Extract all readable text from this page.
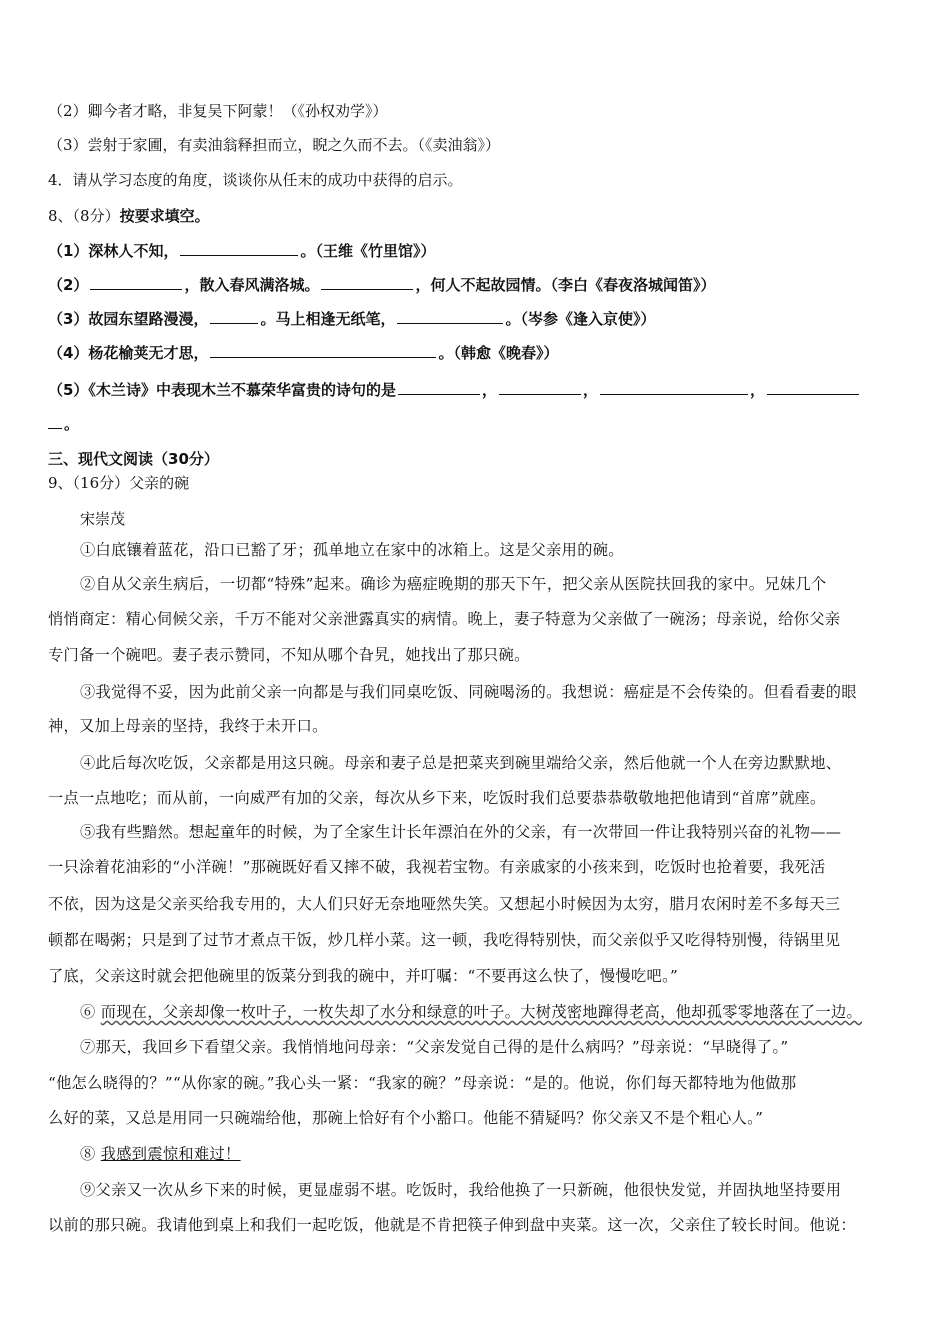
（2）卿今者才略，非复吴下阿蒙！（《孙权劝学》）
（3）尝射于家圃，有卖油翁释担而立，睨之久而不去。（《卖油翁》）
4．请从学习态度的角度，谈谈你从任末的成功中获得的启示。
8、（8分）按要求填空。
（1）深林人不知，	。（王维《竹里馆》）
（2）	，散入春风满洛城。	，何人不起故园情。（李白《春夜洛城闻笛》）
（3）故园东望路漫漫，	。马上相逢无纸笔，	。（岑参《逢入京使》）
（4）杨花榆荚无才思，	。（韩愈《晚春》）
（5）《木兰诗》中表现木兰不慕荣华富贵的诗句的是	，	，	，
。
三、现代文阅读（30分）
9、（16分）父亲的碗
宋崇茂
①白底镶着蓝花，沿口已豁了牙；孤单地立在家中的冰箱上。这是父亲用的碗。
②自从父亲生病后，一切都“特殊”起来。确诊为癌症晚期的那天下午，把父亲从医院扶回我的家中。兄妹几个
悄悄商定：精心伺候父亲，千万不能对父亲泄露真实的病情。晚上，妻子特意为父亲做了一碗汤；母亲说，给你父亲
专门备一个碗吧。妻子表示赞同，不知从哪个旮旯，她找出了那只碗。
③我觉得不妥，因为此前父亲一向都是与我们同桌吃饭、同碗喝汤的。我想说：癌症是不会传染的。但看看妻的眼
神，又加上母亲的坚持，我终于未开口。
④此后每次吃饭，父亲都是用这只碗。母亲和妻子总是把菜夹到碗里端给父亲，然后他就一个人在旁边默默地、
一点一点地吃；而从前，一向威严有加的父亲，每次从乡下来，吃饭时我们总要恭恭敬敬地把他请到“首席”就座。
⑤我有些黯然。想起童年的时候，为了全家生计长年漂泊在外的父亲，有一次带回一件让我特别兴奋的礼物——
一只涂着花油彩的“小洋碗！”那碗既好看又摔不破，我视若宝物。有亲戚家的小孩来到，吃饭时也抢着要，我死活
不依，因为这是父亲买给我专用的，大人们只好无奈地哑然失笑。又想起小时候因为太穷，腊月农闲时差不多每天三
顿都在喝粥；只是到了过节才煮点干饭，炒几样小菜。这一顿，我吃得特别快，而父亲似乎又吃得特别慢，待锅里见
了底，父亲这时就会把他碗里的饭菜分到我的碗中，并叮嘱：“不要再这么快了，慢慢吃吧。”
⑥ 而现在，父亲却像一枚叶子，一枚失却了水分和绿意的叶子。大树茂密地蹿得老高，他却孤零零地落在了一边。
⑦那天，我回乡下看望父亲。我悄悄地问母亲：“父亲发觉自己得的是什么病吗？”母亲说：“早晓得了。”
“他怎么晓得的？”“从你家的碗。”我心头一紧：“我家的碗？”母亲说：“是的。他说，你们每天都特地为他做那
么好的菜，又总是用同一只碗端给他，那碗上恰好有个小豁口。他能不猜疑吗？你父亲又不是个粗心人。”
⑧ 我感到震惊和难过！
⑨父亲又一次从乡下来的时候，更显虚弱不堪。吃饭时，我给他换了一只新碗，他很快发觉，并固执地坚持要用
以前的那只碗。我请他到桌上和我们一起吃饭，他就是不肯把筷子伸到盘中夹菜。这一次，父亲住了较长时间。他说：
